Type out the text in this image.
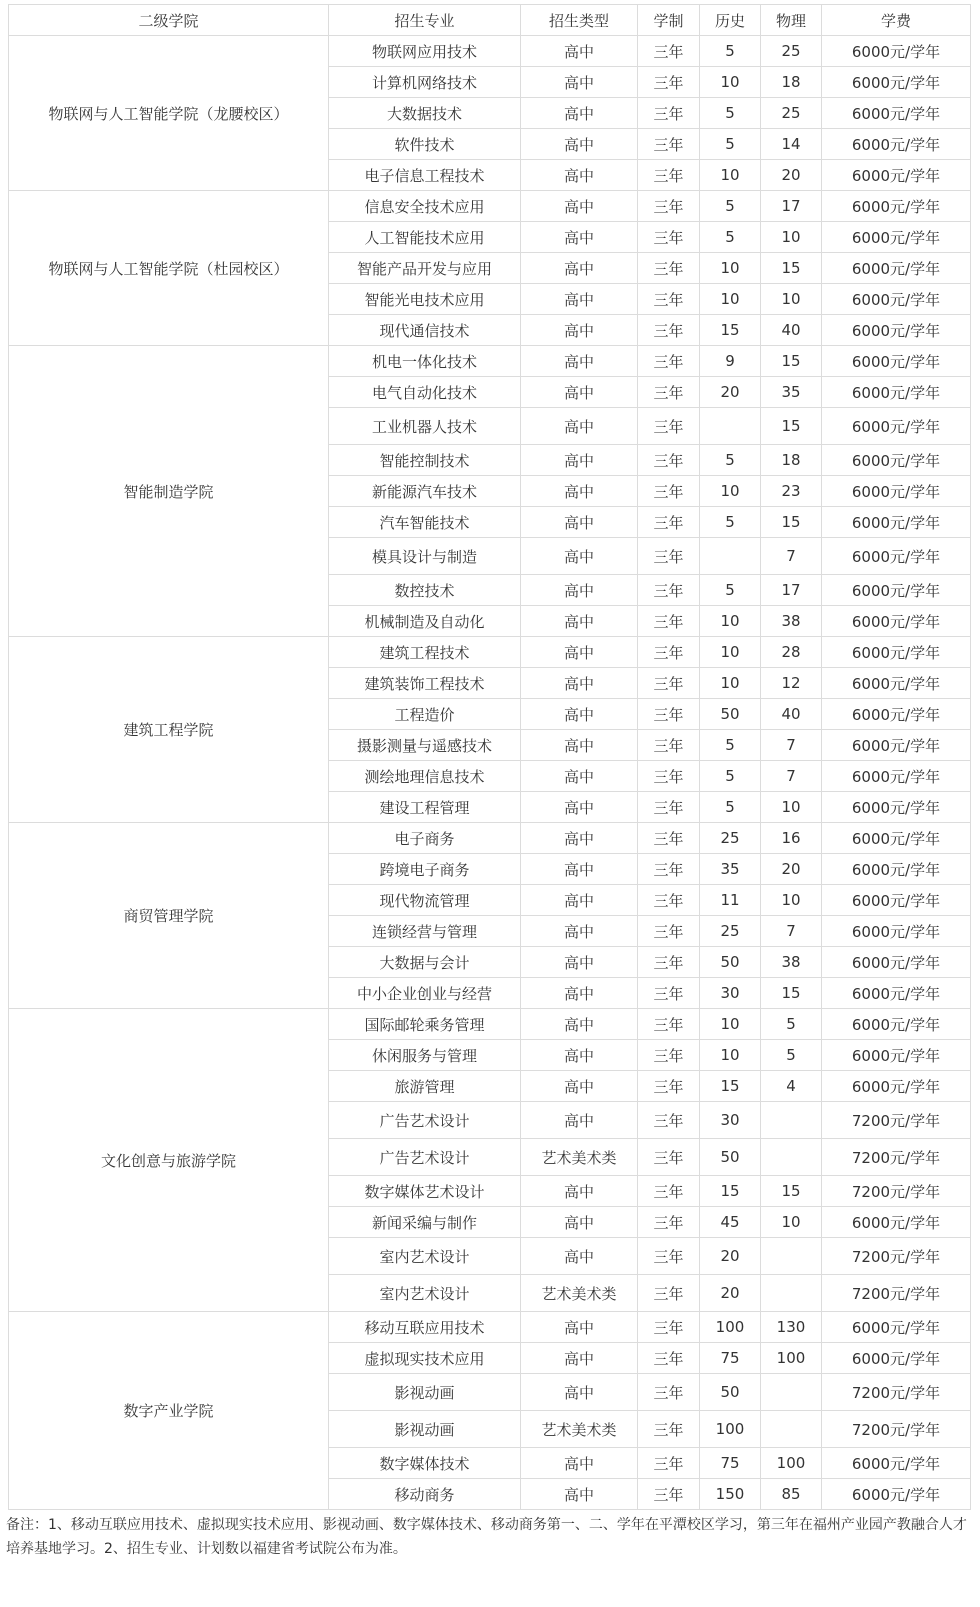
二级学院	招生专业	招生类型	学制	历史	物理	学费
物联网与人工智能学院（龙腰校区）	物联网应用技术	高中	三年	5	25	6000元/学年
	计算机网络技术	高中	三年	10	18	6000元/学年
	大数据技术	高中	三年	5	25	6000元/学年
	软件技术	高中	三年	5	14	6000元/学年
	电子信息工程技术	高中	三年	10	20	6000元/学年
物联网与人工智能学院（杜园校区）	信息安全技术应用	高中	三年	5	17	6000元/学年
	人工智能技术应用	高中	三年	5	10	6000元/学年
	智能产品开发与应用	高中	三年	10	15	6000元/学年
	智能光电技术应用	高中	三年	10	10	6000元/学年
	现代通信技术	高中	三年	15	40	6000元/学年
智能制造学院	机电一体化技术	高中	三年	9	15	6000元/学年
	电气自动化技术	高中	三年	20	35	6000元/学年
	工业机器人技术	高中	三年		15	6000元/学年
	智能控制技术	高中	三年	5	18	6000元/学年
	新能源汽车技术	高中	三年	10	23	6000元/学年
	汽车智能技术	高中	三年	5	15	6000元/学年
	模具设计与制造	高中	三年		7	6000元/学年
	数控技术	高中	三年	5	17	6000元/学年
	机械制造及自动化	高中	三年	10	38	6000元/学年
建筑工程学院	建筑工程技术	高中	三年	10	28	6000元/学年
	建筑装饰工程技术	高中	三年	10	12	6000元/学年
	工程造价	高中	三年	50	40	6000元/学年
	摄影测量与遥感技术	高中	三年	5	7	6000元/学年
	测绘地理信息技术	高中	三年	5	7	6000元/学年
	建设工程管理	高中	三年	5	10	6000元/学年
商贸管理学院	电子商务	高中	三年	25	16	6000元/学年
	跨境电子商务	高中	三年	35	20	6000元/学年
	现代物流管理	高中	三年	11	10	6000元/学年
	连锁经营与管理	高中	三年	25	7	6000元/学年
	大数据与会计	高中	三年	50	38	6000元/学年
	中小企业创业与经营	高中	三年	30	15	6000元/学年
文化创意与旅游学院	国际邮轮乘务管理	高中	三年	10	5	6000元/学年
	休闲服务与管理	高中	三年	10	5	6000元/学年
	旅游管理	高中	三年	15	4	6000元/学年
	广告艺术设计	高中	三年	30		7200元/学年
	广告艺术设计	艺术美术类	三年	50		7200元/学年
	数字媒体艺术设计	高中	三年	15	15	7200元/学年
	新闻采编与制作	高中	三年	45	10	6000元/学年
	室内艺术设计	高中	三年	20		7200元/学年
	室内艺术设计	艺术美术类	三年	20		7200元/学年
数字产业学院	移动互联应用技术	高中	三年	100	130	6000元/学年
	虚拟现实技术应用	高中	三年	75	100	6000元/学年
	影视动画	高中	三年	50		7200元/学年
	影视动画	艺术美术类	三年	100		7200元/学年
	数字媒体技术	高中	三年	75	100	6000元/学年
	移动商务	高中	三年	150	85	6000元/学年
备注：1、移动互联应用技术、虚拟现实技术应用、影视动画、数字媒体技术、移动商务第一、二、学年在平潭校区学习，第三年在福州产业园产教融合人才培养基地学习。2、招生专业、计划数以福建省考试院公布为准。
